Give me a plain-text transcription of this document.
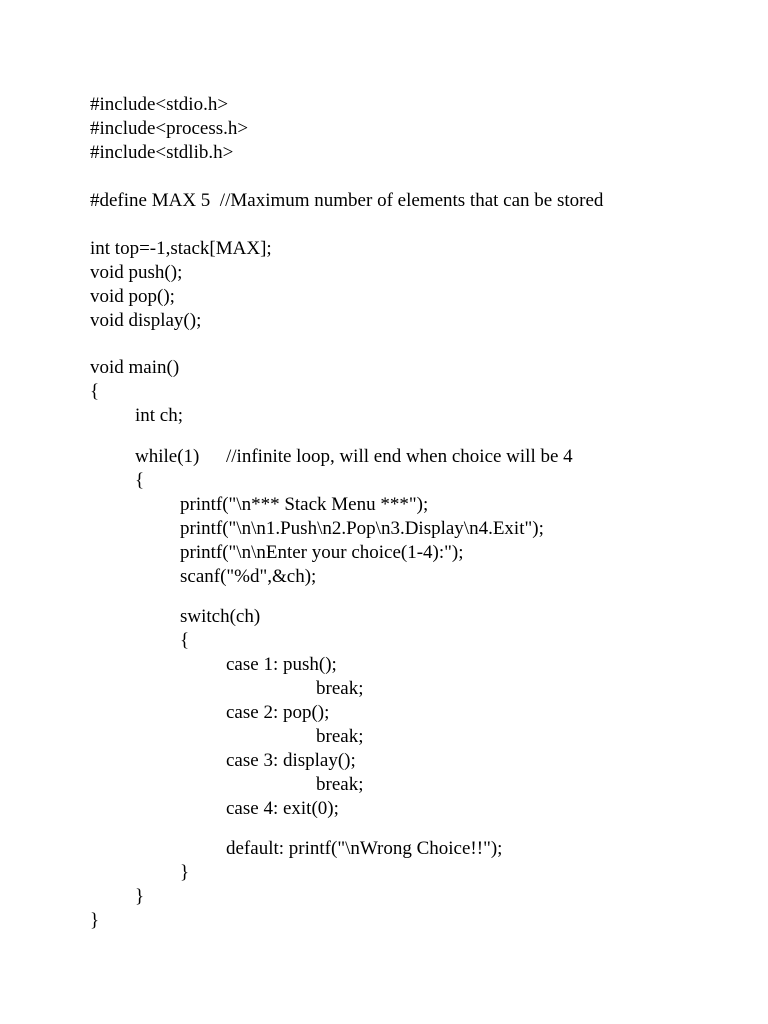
#include<stdio.h>
#include<process.h>
#include<stdlib.h>
#define MAX 5  //Maximum number of elements that can be stored
int top=-1,stack[MAX];
void push();
void pop();
void display();
void main()
{
int ch;
while(1) //infinite loop, will end when choice will be 4
{
printf("\n*** Stack Menu ***");
printf("\n\n1.Push\n2.Pop\n3.Display\n4.Exit");
printf("\n\nEnter your choice(1-4):");
scanf("%d",&ch);
switch(ch)
{
case 1: push();
break;
case 2: pop();
break;
case 3: display();
break;
case 4: exit(0);
default: printf("\nWrong Choice!!");
}
}
}
